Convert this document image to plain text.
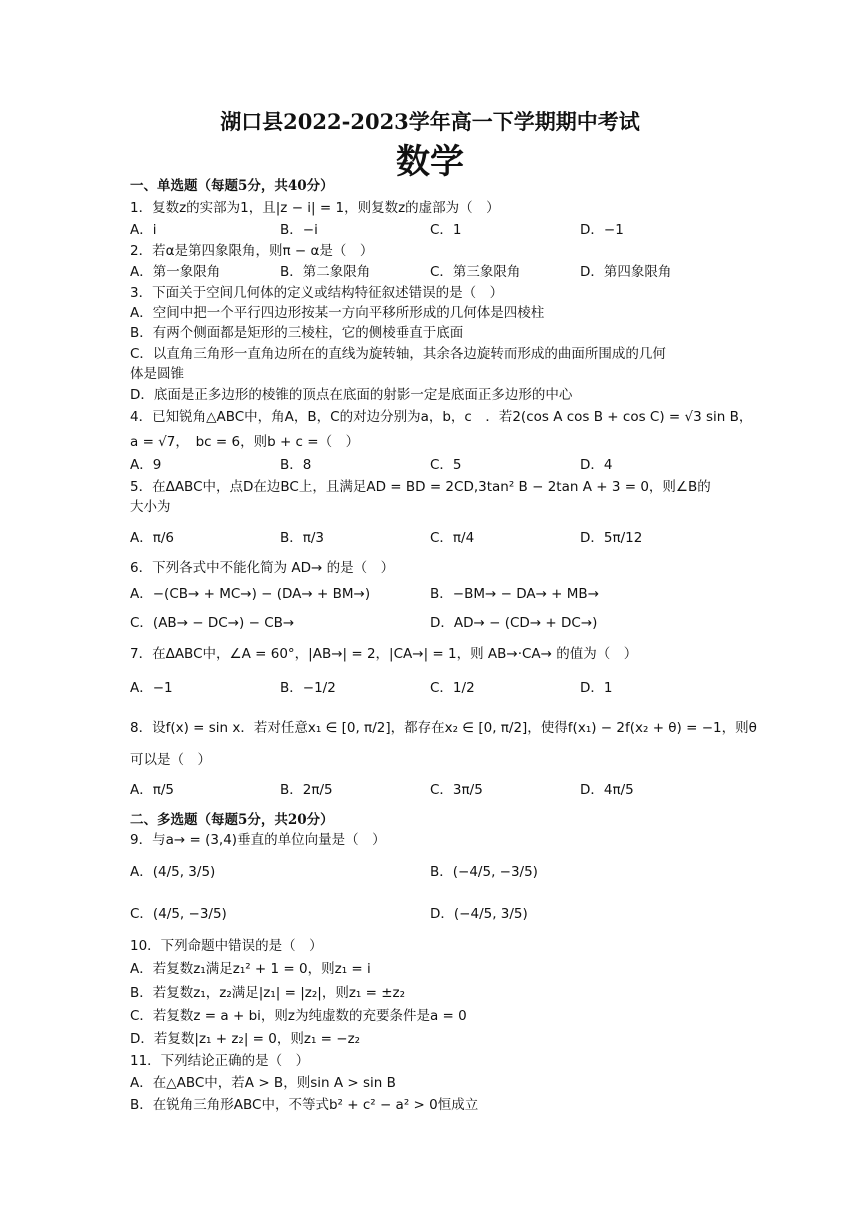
湖口县2022-2023学年高一下学期期中考试
数学
一、单选题（每题5分，共40分）
1．复数z的实部为1，且|z − i| = 1，则复数z的虚部为（　）
A．i	B．−i	C．1	D．−1
2．若α是第四象限角，则π − α是（　）
A．第一象限角	B．第二象限角	C．第三象限角	D．第四象限角
3．下面关于空间几何体的定义或结构特征叙述错误的是（　）
A．空间中把一个平行四边形按某一方向平移所形成的几何体是四棱柱
B．有两个侧面都是矩形的三棱柱，它的侧棱垂直于底面
C．以直角三角形一直角边所在的直线为旋转轴，其余各边旋转而形成的曲面所围成的几何
体是圆锥
D．底面是正多边形的棱锥的顶点在底面的射影一定是底面正多边形的中心
4．已知锐角△ABC中，角A，B，C的对边分别为a，b，c　．若2(cos A cos B + cos C) = √3 sin B，
a = √7，　bc = 6，则b + c =（　）
A．9	B．8	C．5	D．4
5．在ΔABC中，点D在边BC上，且满足AD = BD = 2CD,3tan² B − 2tan A + 3 = 0，则∠B的
大小为
A．π/6	B．π/3	C．π/4	D．5π/12
6．下列各式中不能化简为 AD→ 的是（　）
A．−(CB→ + MC→) − (DA→ + BM→)	B．−BM→ − DA→ + MB→
C．(AB→ − DC→) − CB→	D．AD→ − (CD→ + DC→)
7．在ΔABC中，∠A = 60°，|AB→| = 2，|CA→| = 1，则 AB→·CA→ 的值为（　）
A．−1	B．−1/2	C．1/2	D．1
8．设f(x) = sin x．若对任意x₁ ∈ [0, π/2]，都存在x₂ ∈ [0, π/2]，使得f(x₁) − 2f(x₂ + θ) = −1，则θ
可以是（　）
A．π/5	B．2π/5	C．3π/5	D．4π/5
二、多选题（每题5分，共20分）
9．与a→ = (3,4)垂直的单位向量是（　）
A．(4/5, 3/5)	B．(−4/5, −3/5)
C．(4/5, −3/5)	D．(−4/5, 3/5)
10．下列命题中错误的是（　）
A．若复数z₁满足z₁² + 1 = 0，则z₁ = i
B．若复数z₁，z₂满足|z₁| = |z₂|，则z₁ = ±z₂
C．若复数z = a + bi，则z为纯虚数的充要条件是a = 0
D．若复数|z₁ + z₂| = 0，则z₁ = −z₂
11．下列结论正确的是（　）
A．在△ABC中，若A > B，则sin A > sin B
B．在锐角三角形ABC中，不等式b² + c² − a² > 0恒成立
